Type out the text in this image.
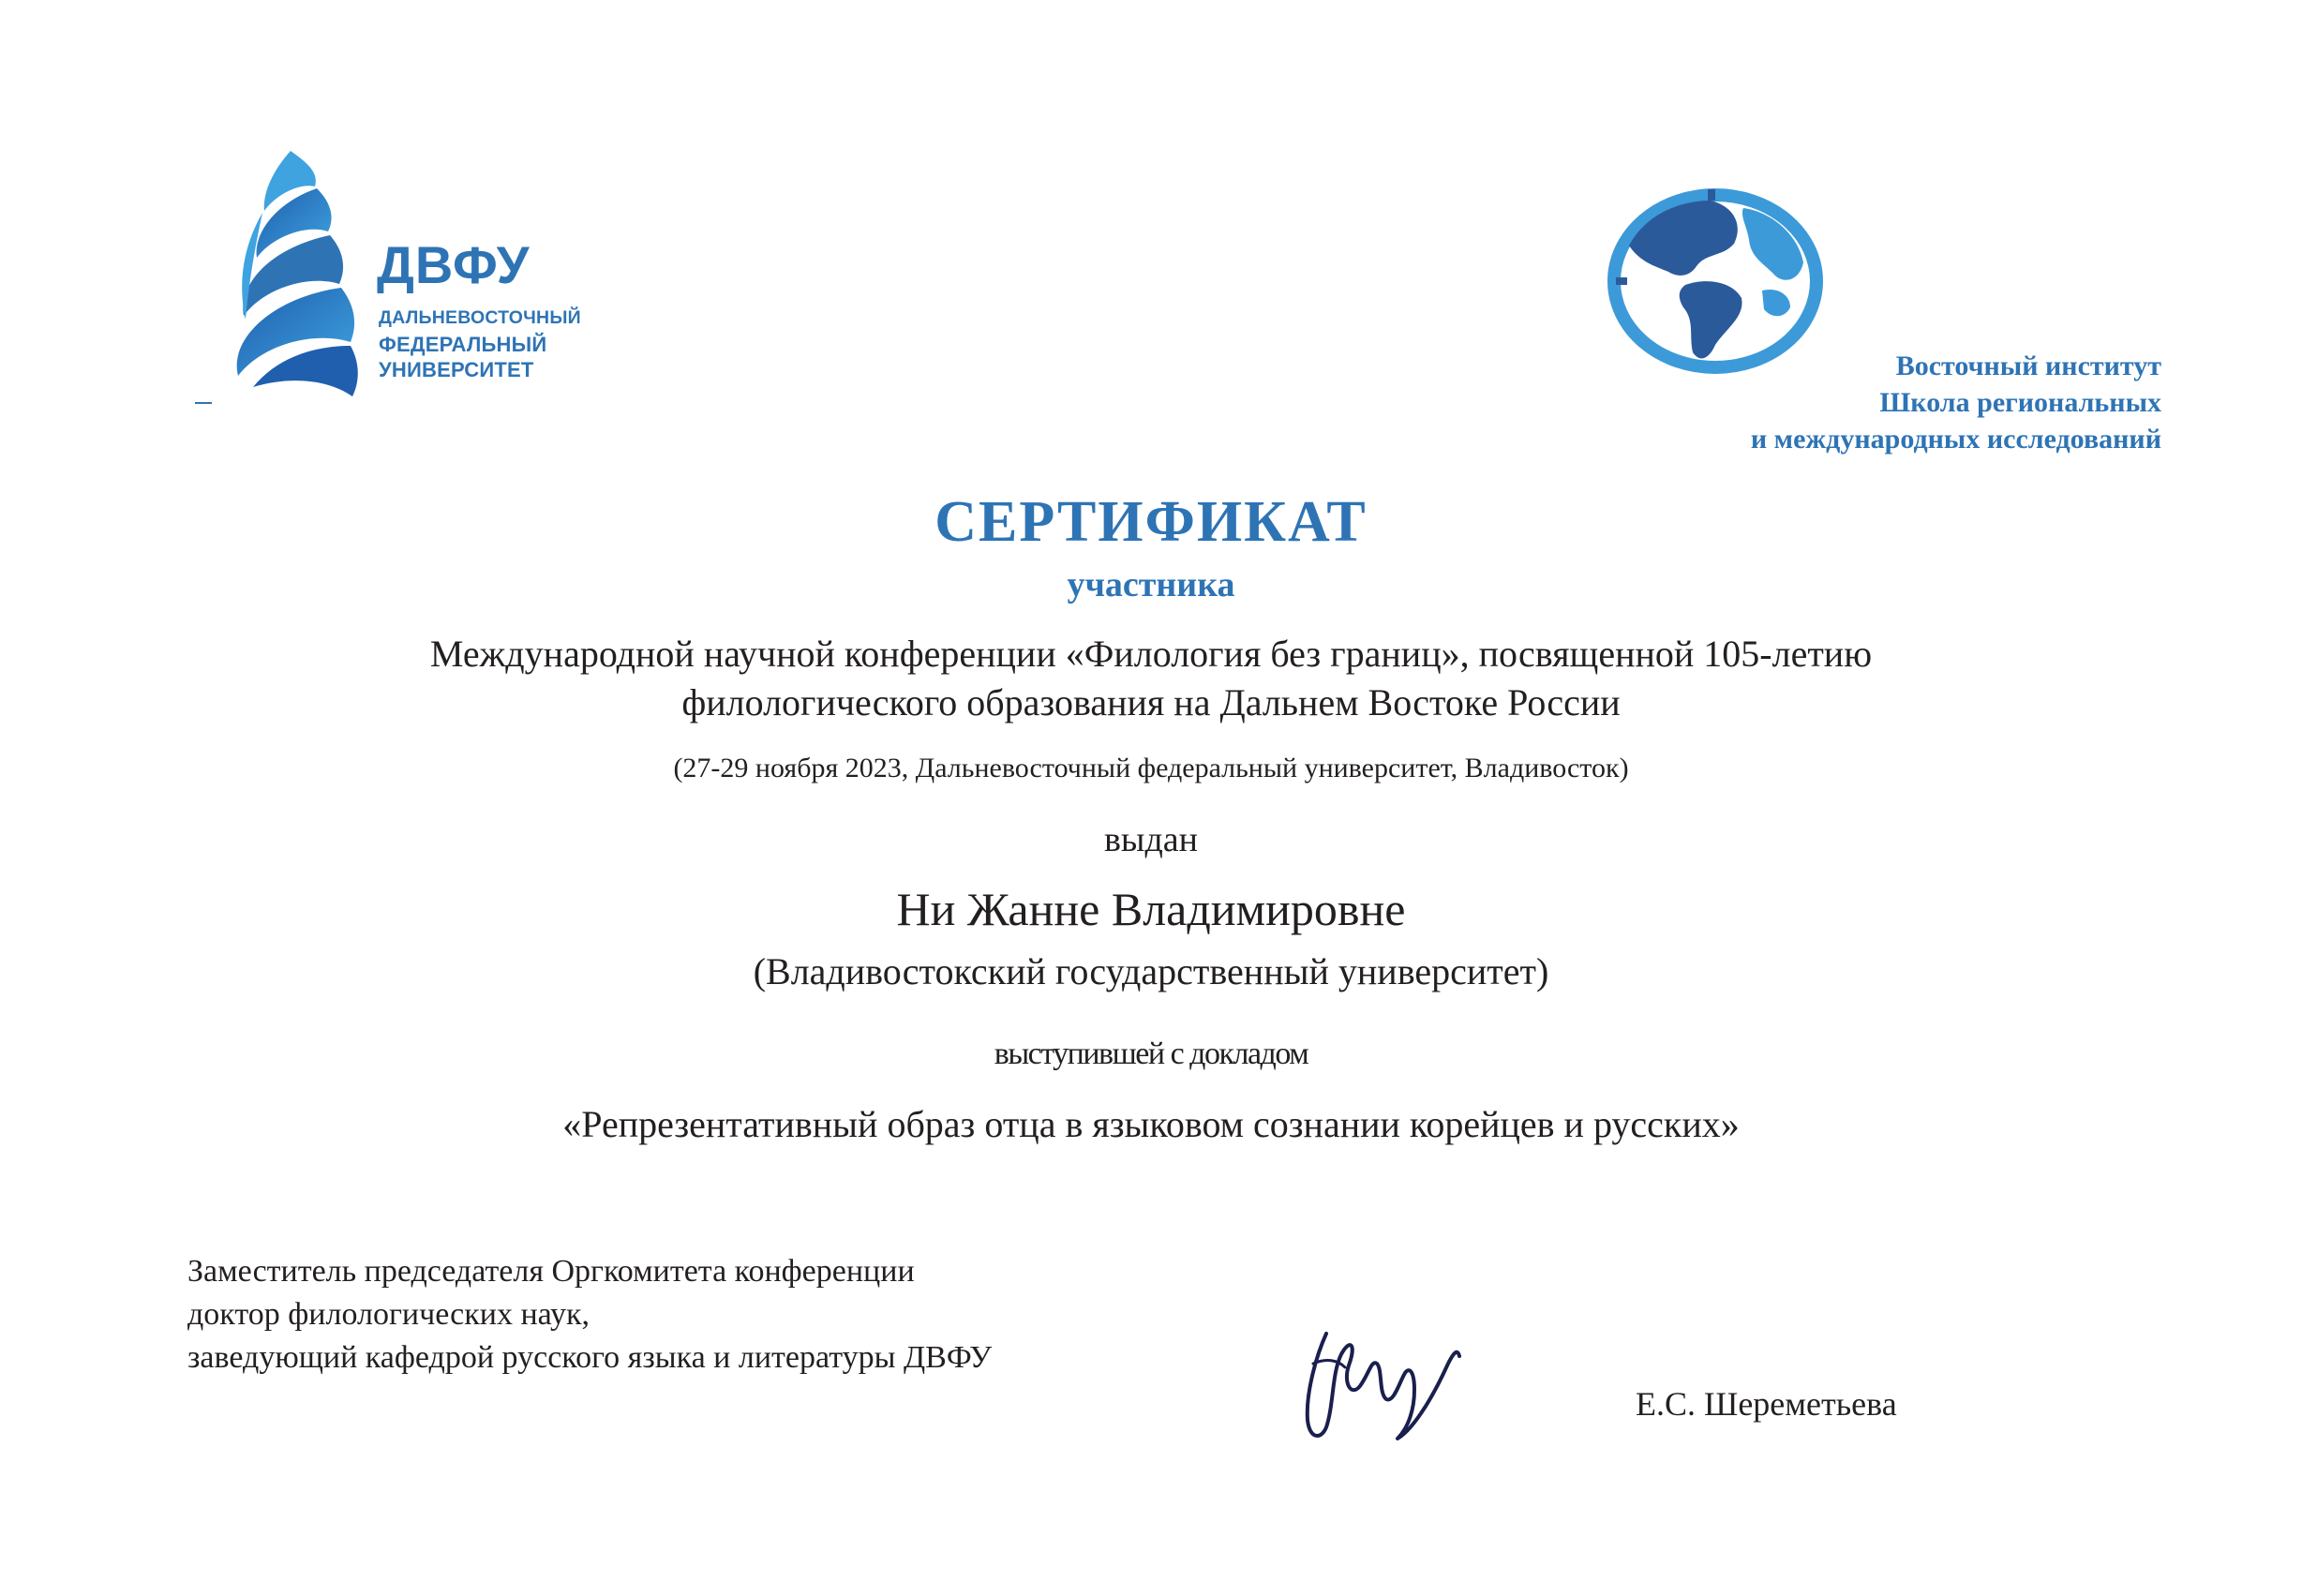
ДВФУ
ДАЛЬНЕВОСТОЧНЫЙ
ФЕДЕРАЛЬНЫЙ
УНИВЕРСИТЕТ	Восточный институт
Школа региональных
и международных исследований
СЕРТИФИКАТ
участника
Международной научной конференции «Филология без границ», посвященной 105-летию
филологического образования на Дальнем Востоке России
(27-29 ноября 2023, Дальневосточный федеральный университет, Владивосток)
выдан
Ни Жанне Владимировне
(Владивостокский государственный университет)
выступившей с докладом
«Репрезентативный образ отца в языковом сознании корейцев и русских»
Заместитель председателя Оргкомитета конференции
доктор филологических наук,
заведующий кафедрой русского языка и литературы ДВФУ
Е.С. Шереметьева
